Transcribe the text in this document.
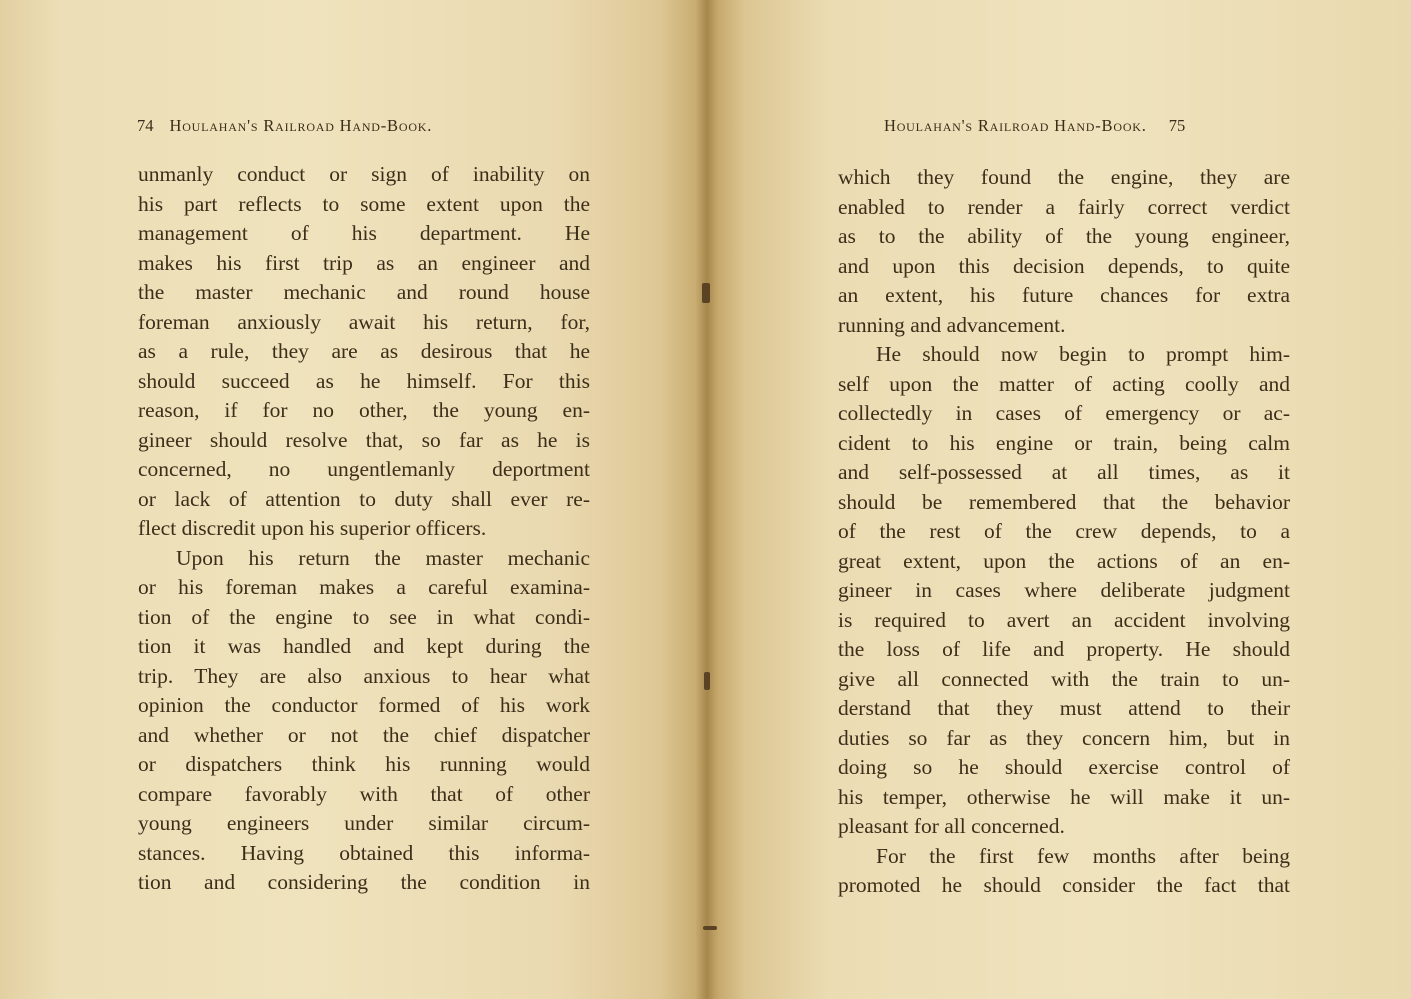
74 Houlahan's Railroad Hand-Book.
unmanly conduct or sign of inability on
his part reflects to some extent upon the
management of his department. He
makes his first trip as an engineer and
the master mechanic and round house
foreman anxiously await his return, for,
as a rule, they are as desirous that he
should succeed as he himself. For this
reason, if for no other, the young en-
gineer should resolve that, so far as he is
concerned, no ungentlemanly deportment
or lack of attention to duty shall ever re-
flect discredit upon his superior officers.
Upon his return the master mechanic
or his foreman makes a careful examina-
tion of the engine to see in what condi-
tion it was handled and kept during the
trip. They are also anxious to hear what
opinion the conductor formed of his work
and whether or not the chief dispatcher
or dispatchers think his running would
compare favorably with that of other
young engineers under similar circum-
stances. Having obtained this informa-
tion and considering the condition in
Houlahan's Railroad Hand-Book. 75
which they found the engine, they are
enabled to render a fairly correct verdict
as to the ability of the young engineer,
and upon this decision depends, to quite
an extent, his future chances for extra
running and advancement.
He should now begin to prompt him-
self upon the matter of acting coolly and
collectedly in cases of emergency or ac-
cident to his engine or train, being calm
and self-possessed at all times, as it
should be remembered that the behavior
of the rest of the crew depends, to a
great extent, upon the actions of an en-
gineer in cases where deliberate judgment
is required to avert an accident involving
the loss of life and property. He should
give all connected with the train to un-
derstand that they must attend to their
duties so far as they concern him, but in
doing so he should exercise control of
his temper, otherwise he will make it un-
pleasant for all concerned.
For the first few months after being
promoted he should consider the fact that
